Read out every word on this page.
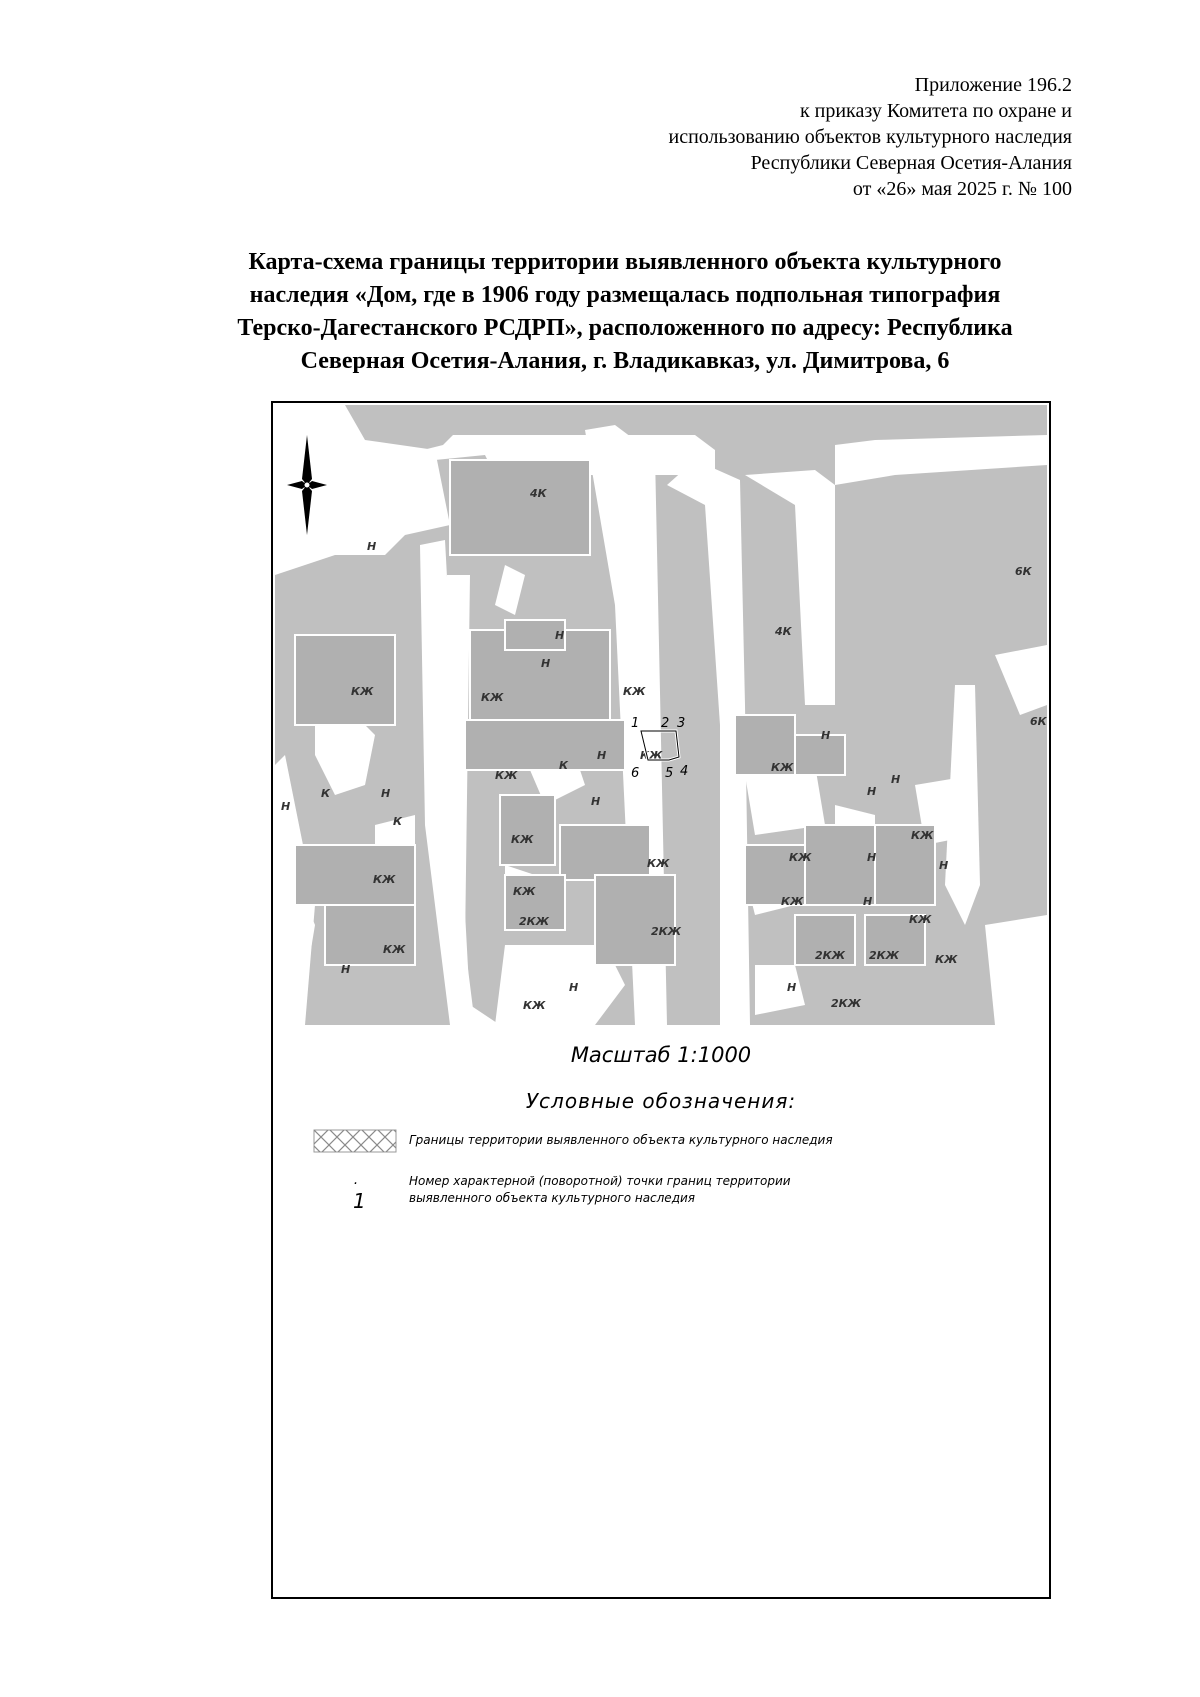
Приложение 196.2
к приказу Комитета по охране и
использованию объектов культурного наследия
Республики Северная Осетия-Алания
от «26» мая 2025 г. № 100
Карта-схема границы территории выявленного объекта культурного
наследия «Дом, где в 1906 году размещалась подпольная типография
Терско-Дагестанского РСДРП», расположенного по адресу: Республика
Северная Осетия-Алания, г. Владикавказ, ул. Димитрова, 6
4К
6К
4К
6К
Н
КЖ
К	Н
К
Н
КЖ
КЖ
Н
Н
Н
КЖ	КЖ
КЖ
К
Н	КЖ
Н
КЖ
КЖ
КЖ
2КЖ
2КЖ
КЖ
Н
КЖ
Н
Н
Н
КЖ	Н
КЖ
Н
КЖ	Н
КЖ
2КЖ 2КЖ	КЖ
Н
2КЖ
1 2 3
4
5
6
Масштаб 1:1000
Условные обозначения:
Границы территории выявленного объекта культурного наследия
· 1
Номер характерной (поворотной) точки границ территории
выявленного объекта культурного наследия
